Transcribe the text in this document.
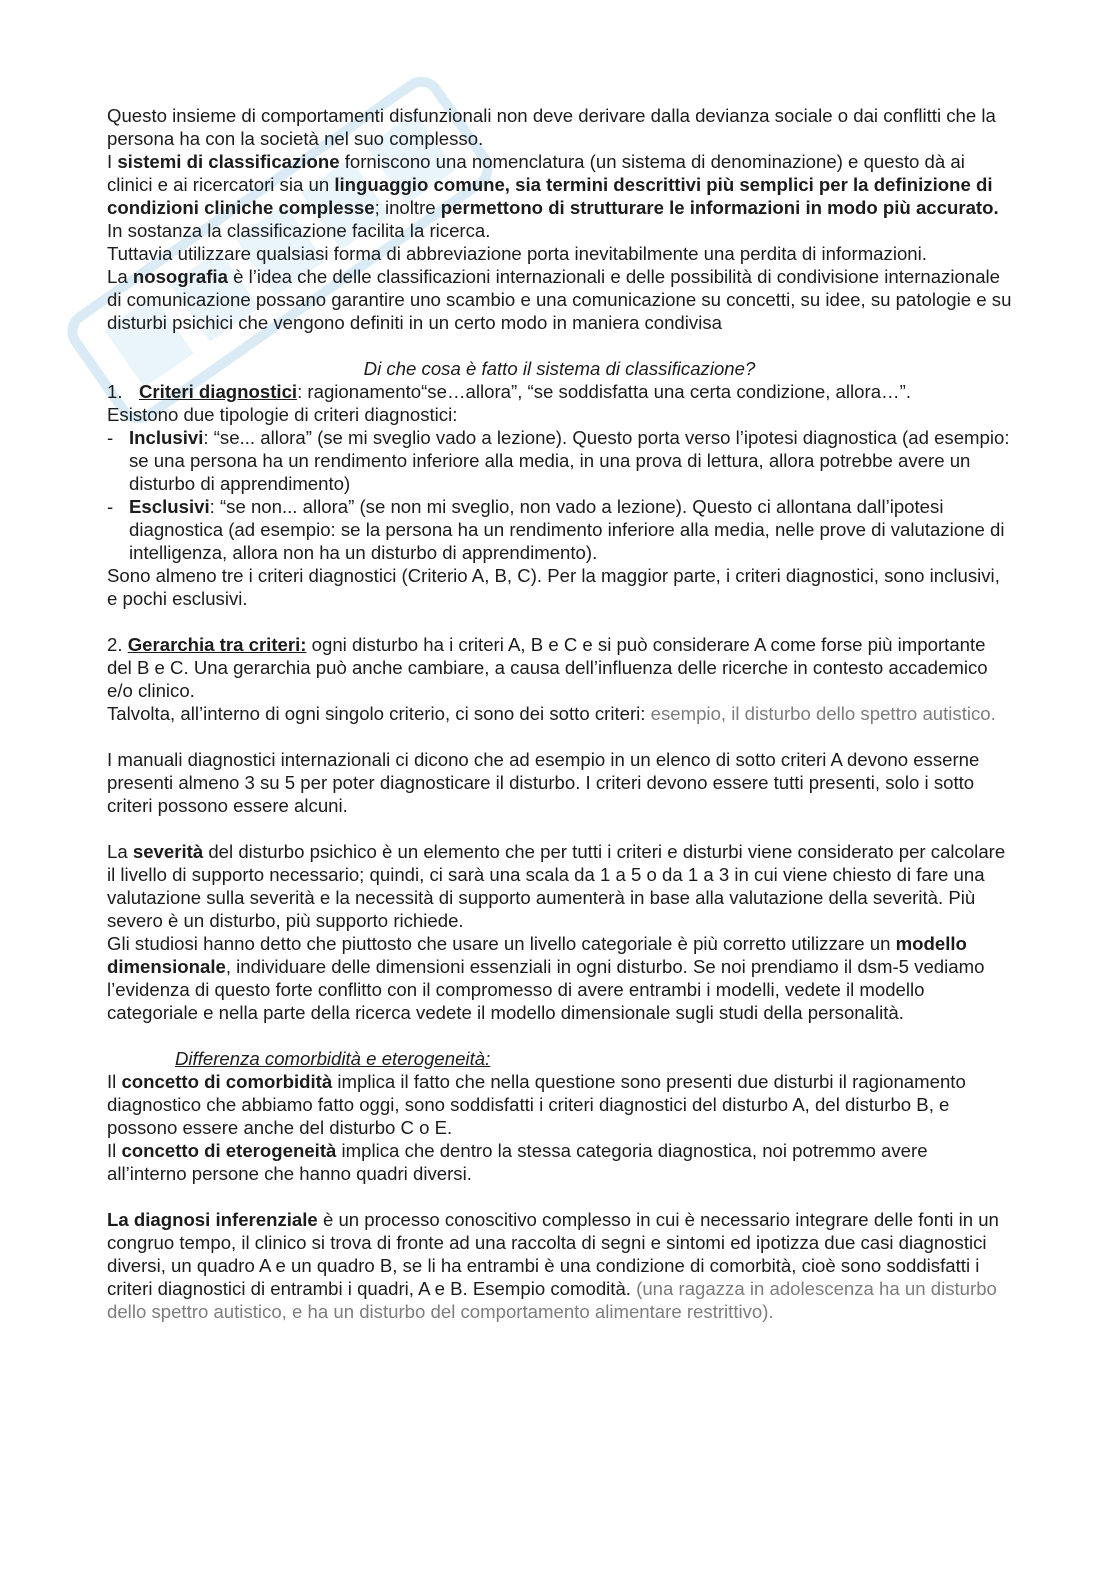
Questo insieme di comportamenti disfunzionali non deve derivare dalla devianza sociale o dai conflitti che la persona ha con la società nel suo complesso.

I sistemi di classificazione forniscono una nomenclatura (un sistema di denominazione) e questo dà ai clinici e ai ricercatori sia un linguaggio comune, sia termini descrittivi più semplici per la definizione di condizioni cliniche complesse; inoltre permettono di strutturare le informazioni in modo più accurato. In sostanza la classificazione facilita la ricerca.

Tuttavia utilizzare qualsiasi forma di abbreviazione porta inevitabilmente una perdita di informazioni.

La nosografia è l’idea che delle classificazioni internazionali e delle possibilità di condivisione internazionale di comunicazione possano garantire uno scambio e una comunicazione su concetti, su idee, su patologie e su disturbi psichici che vengono definiti in un certo modo in maniera condivisa

Di che cosa è fatto il sistema di classificazione?

1. Criteri diagnostici: ragionamento“se…allora”, “se soddisfatta una certa condizione, allora…”.

Esistono due tipologie di criteri diagnostici:

- Inclusivi: “se... allora” (se mi sveglio vado a lezione). Questo porta verso l’ipotesi diagnostica (ad esempio: se una persona ha un rendimento inferiore alla media, in una prova di lettura, allora potrebbe avere un disturbo di apprendimento)
- Esclusivi: “se non... allora” (se non mi sveglio, non vado a lezione). Questo ci allontana dall’ipotesi diagnostica (ad esempio: se la persona ha un rendimento inferiore alla media, nelle prove di valutazione di intelligenza, allora non ha un disturbo di apprendimento).

Sono almeno tre i criteri diagnostici (Criterio A, B, C). Per la maggior parte, i criteri diagnostici, sono inclusivi, e pochi esclusivi.

2. Gerarchia tra criteri: ogni disturbo ha i criteri A, B e C e si può considerare A come forse più importante del B e C. Una gerarchia può anche cambiare, a causa dell’influenza delle ricerche in contesto accademico e/o clinico.

Talvolta, all’interno di ogni singolo criterio, ci sono dei sotto criteri: esempio, il disturbo dello spettro autistico.

I manuali diagnostici internazionali ci dicono che ad esempio in un elenco di sotto criteri A devono esserne presenti almeno 3 su 5 per poter diagnosticare il disturbo. I criteri devono essere tutti presenti, solo i sotto criteri possono essere alcuni.

La severità del disturbo psichico è un elemento che per tutti i criteri e disturbi viene considerato per calcolare il livello di supporto necessario; quindi, ci sarà una scala da 1 a 5 o da 1 a 3 in cui viene chiesto di fare una valutazione sulla severità e la necessità di supporto aumenterà in base alla valutazione della severità. Più severo è un disturbo, più supporto richiede.

Gli studiosi hanno detto che piuttosto che usare un livello categoriale è più corretto utilizzare un modello dimensionale, individuare delle dimensioni essenziali in ogni disturbo. Se noi prendiamo il dsm-5 vediamo l’evidenza di questo forte conflitto con il compromesso di avere entrambi i modelli, vedete il modello categoriale e nella parte della ricerca vedete il modello dimensionale sugli studi della personalità.

Differenza comorbidità e eterogeneità:

Il concetto di comorbidità implica il fatto che nella questione sono presenti due disturbi il ragionamento diagnostico che abbiamo fatto oggi, sono soddisfatti i criteri diagnostici del disturbo A, del disturbo B, e possono essere anche del disturbo C o E.

Il concetto di eterogeneità implica che dentro la stessa categoria diagnostica, noi potremmo avere all’interno persone che hanno quadri diversi.

La diagnosi inferenziale è un processo conoscitivo complesso in cui è necessario integrare delle fonti in un congruo tempo, il clinico si trova di fronte ad una raccolta di segni e sintomi ed ipotizza due casi diagnostici diversi, un quadro A e un quadro B, se li ha entrambi è una condizione di comorbità, cioè sono soddisfatti i criteri diagnostici di entrambi i quadri, A e B. Esempio comodità. (una ragazza in adolescenza ha un disturbo dello spettro autistico, e ha un disturbo del comportamento alimentare restrittivo).
